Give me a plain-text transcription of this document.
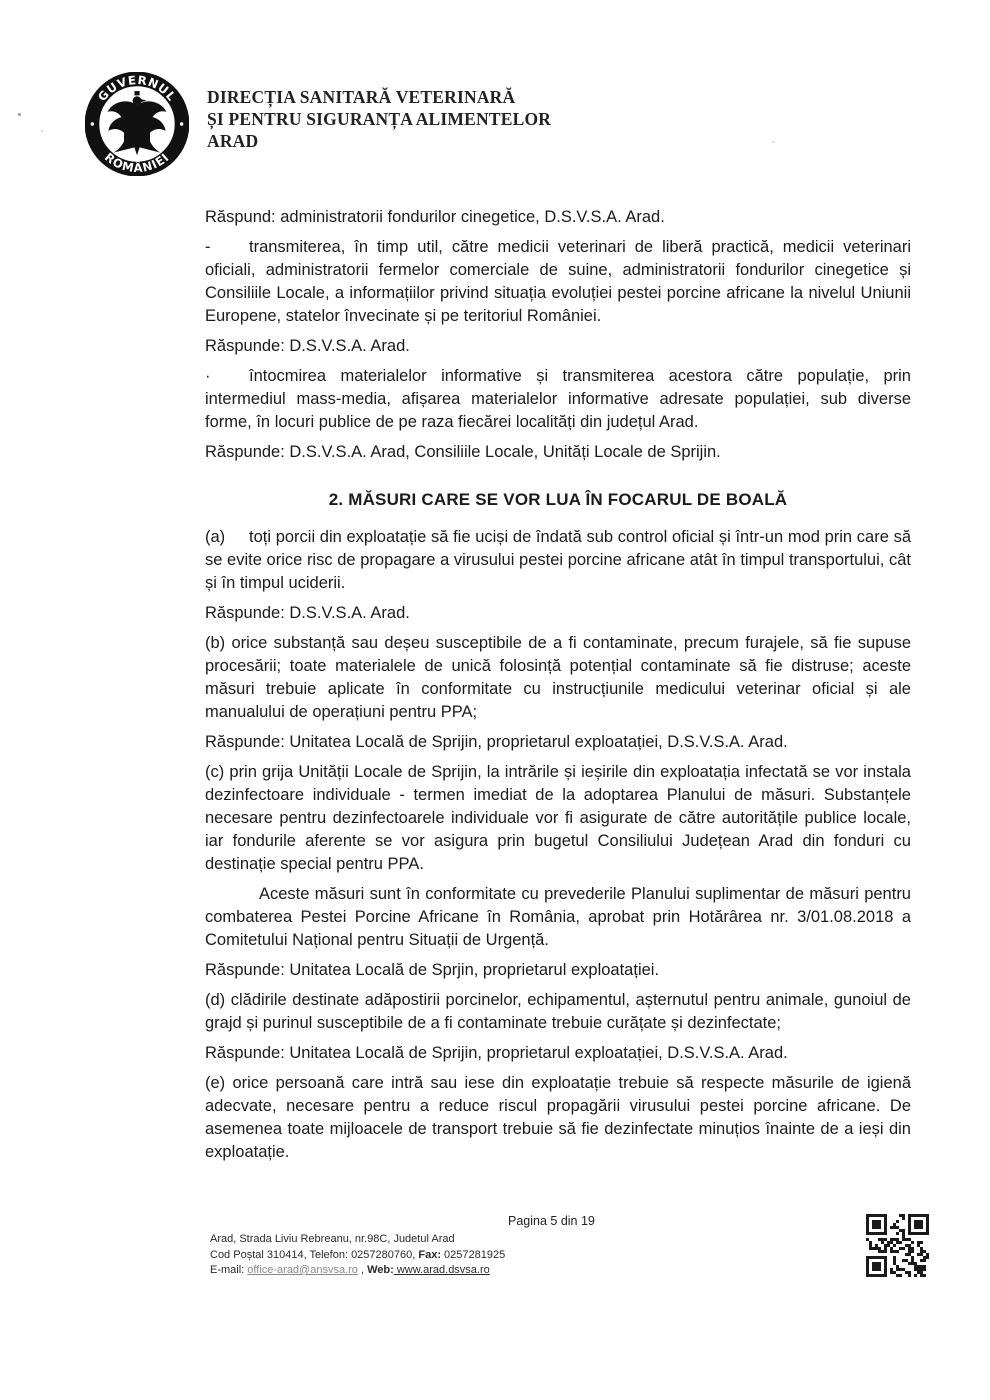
GUVERNUL
ROMÂNIEI
DIRECȚIA SANITARĂ VETERINARĂ
ȘI PENTRU SIGURANȚA ALIMENTELOR
ARAD

Răspund: administratorii fondurilor cinegetice, D.S.V.S.A. Arad.

- transmiterea, în timp util, către medicii veterinari de liberă practică, medicii veterinari oficiali, administratorii fermelor comerciale de suine, administratorii fondurilor cinegetice și Consiliile Locale, a informațiilor privind situația evoluției pestei porcine africane la nivelul Uniunii Europene, statelor învecinate și pe teritoriul României.

Răspunde: D.S.V.S.A. Arad.

· întocmirea materialelor informative și transmiterea acestora către populație, prin intermediul mass-media, afișarea materialelor informative adresate populației, sub diverse forme, în locuri publice de pe raza fiecărei localități din județul Arad.

Răspunde: D.S.V.S.A. Arad, Consiliile Locale, Unități Locale de Sprijin.

2. MĂSURI CARE SE VOR LUA ÎN FOCARUL DE BOALĂ

(a) toți porcii din exploatație să fie uciși de îndată sub control oficial și într-un mod prin care să se evite orice risc de propagare a virusului pestei porcine africane atât în timpul transportului, cât și în timpul uciderii.

Răspunde: D.S.V.S.A. Arad.

(b) orice substanță sau deșeu susceptibile de a fi contaminate, precum furajele, să fie supuse procesării; toate materialele de unică folosință potențial contaminate să fie distruse; aceste măsuri trebuie aplicate în conformitate cu instrucțiunile medicului veterinar oficial și ale manualului de operațiuni pentru PPA;

Răspunde: Unitatea Locală de Sprijin, proprietarul exploatației, D.S.V.S.A. Arad.

(c) prin grija Unității Locale de Sprijin, la intrările și ieșirile din exploatația infectată se vor instala dezinfectoare individuale - termen imediat de la adoptarea Planului de măsuri. Substanțele necesare pentru dezinfectoarele individuale vor fi asigurate de către autoritățile publice locale, iar fondurile aferente se vor asigura prin bugetul Consiliului Județean Arad din fonduri cu destinație special pentru PPA.

Aceste măsuri sunt în conformitate cu prevederile Planului suplimentar de măsuri pentru combaterea Pestei Porcine Africane în România, aprobat prin Hotărârea nr. 3/01.08.2018 a Comitetului Național pentru Situații de Urgență.

Răspunde: Unitatea Locală de Sprjin, proprietarul exploatației.

(d) clădirile destinate adăpostirii porcinelor, echipamentul, așternutul pentru animale, gunoiul de grajd și purinul susceptibile de a fi contaminate trebuie curățate și dezinfectate;

Răspunde: Unitatea Locală de Sprijin, proprietarul exploatației, D.S.V.S.A. Arad.

(e) orice persoană care intră sau iese din exploatație trebuie să respecte măsurile de igienă adecvate, necesare pentru a reduce riscul propagării virusului pestei porcine africane. De asemenea toate mijloacele de transport trebuie să fie dezinfectate minuțios înainte de a ieși din exploatație.

Pagina 5 din 19
Arad, Strada Liviu Rebreanu, nr.98C, Judetul Arad
Cod Poștal 310414, Telefon: 0257280760, Fax: 0257281925
E-mail: office-arad@ansvsa.ro , Web: www.arad.dsvsa.ro
